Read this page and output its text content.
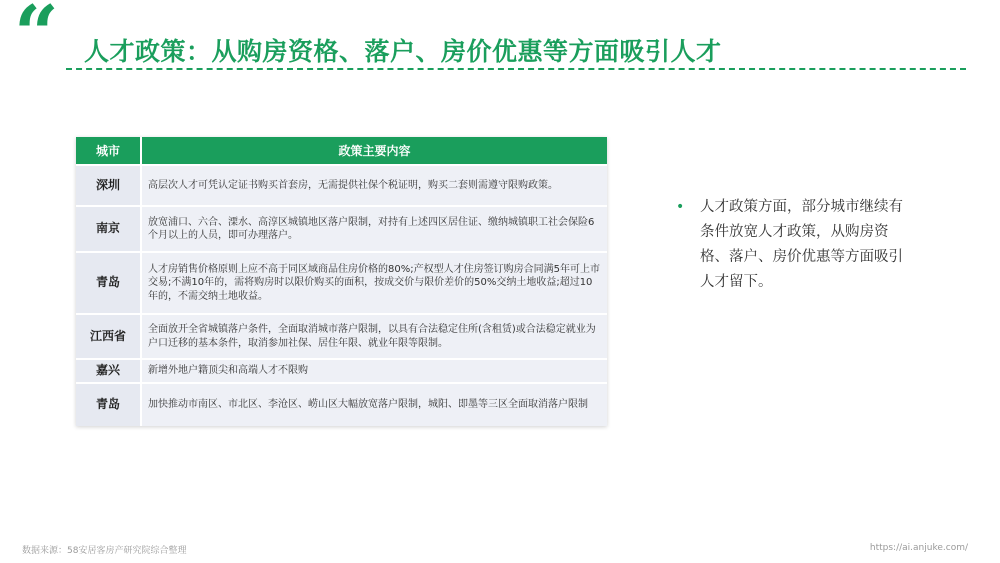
“ 人才政策：从购房资格、落户、房价优惠等方面吸引人才
城市	政策主要内容
深圳	高层次人才可凭认定证书购买首套房，无需提供社保个税证明，购买二套则需遵守限购政策。
南京	放宽浦口、六合、溧水、高淳区城镇地区落户限制，对持有上述四区居住证、缴纳城镇职工社会保险6个月以上的人员，即可办理落户。
青岛	人才房销售价格原则上应不高于同区域商品住房价格的80%;产权型人才住房签订购房合同满5年可上市交易;不满10年的，需将购房时以限价购买的面积，按成交价与限价差价的50%交纳土地收益;超过10年的，不需交纳土地收益。
江西省	全面放开全省城镇落户条件，全面取消城市落户限制，以具有合法稳定住所(含租赁)或合法稳定就业为户口迁移的基本条件，取消参加社保、居住年限、就业年限等限制。
嘉兴	新增外地户籍顶尖和高端人才不限购
青岛	加快推动市南区、市北区、李沧区、崂山区大幅放宽落户限制，城阳、即墨等三区全面取消落户限制
• 人才政策方面，部分城市继续有条件放宽人才政策，从购房资格、落户、房价优惠等方面吸引人才留下。
数据来源：58安居客房产研究院综合整理	https://ai.anjuke.com/
